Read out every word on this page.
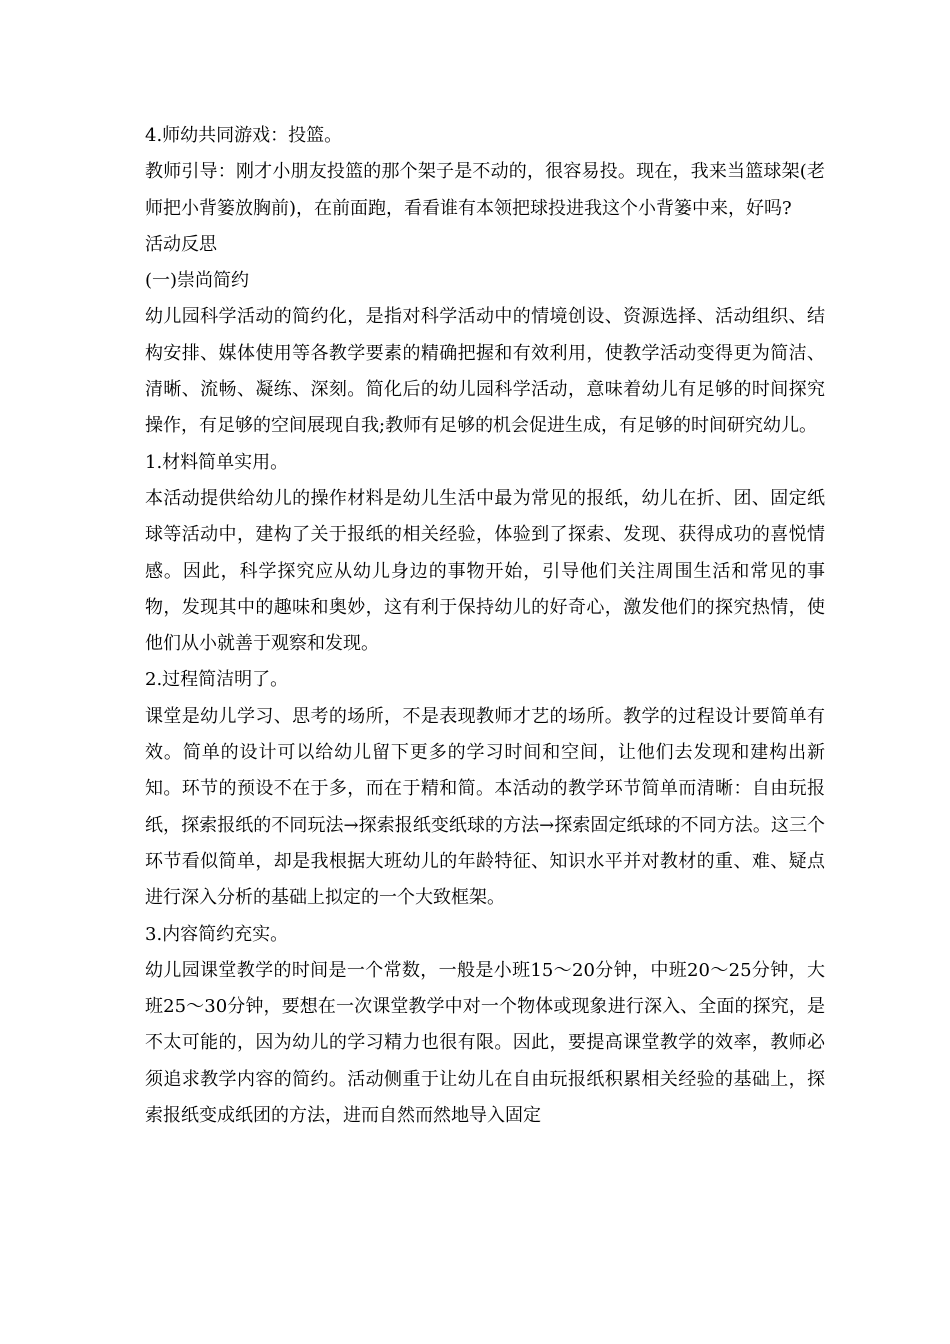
4.师幼共同游戏：投篮。

教师引导：刚才小朋友投篮的那个架子是不动的，很容易投。现在，我来当篮球架(老师把小背篓放胸前)，在前面跑，看看谁有本领把球投进我这个小背篓中来，好吗?

活动反思

(一)崇尚简约

幼儿园科学活动的简约化，是指对科学活动中的情境创设、资源选择、活动组织、结构安排、媒体使用等各教学要素的精确把握和有效利用，使教学活动变得更为简洁、清晰、流畅、凝练、深刻。简化后的幼儿园科学活动，意味着幼儿有足够的时间探究操作，有足够的空间展现自我;教师有足够的机会促进生成，有足够的时间研究幼儿。

1.材料简单实用。

本活动提供给幼儿的操作材料是幼儿生活中最为常见的报纸，幼儿在折、团、固定纸球等活动中，建构了关于报纸的相关经验，体验到了探索、发现、获得成功的喜悦情感。因此，科学探究应从幼儿身边的事物开始，引导他们关注周围生活和常见的事物，发现其中的趣味和奥妙，这有利于保持幼儿的好奇心，激发他们的探究热情，使他们从小就善于观察和发现。

2.过程简洁明了。

课堂是幼儿学习、思考的场所，不是表现教师才艺的场所。教学的过程设计要简单有效。简单的设计可以给幼儿留下更多的学习时间和空间，让他们去发现和建构出新知。环节的预设不在于多，而在于精和简。本活动的教学环节简单而清晰：自由玩报纸，探索报纸的不同玩法→探索报纸变纸球的方法→探索固定纸球的不同方法。这三个环节看似简单，却是我根据大班幼儿的年龄特征、知识水平并对教材的重、难、疑点进行深入分析的基础上拟定的一个大致框架。

3.内容简约充实。

幼儿园课堂教学的时间是一个常数，一般是小班15～20分钟，中班20～25分钟，大班25～30分钟，要想在一次课堂教学中对一个物体或现象进行深入、全面的探究，是不太可能的，因为幼儿的学习精力也很有限。因此，要提高课堂教学的效率，教师必须追求教学内容的简约。活动侧重于让幼儿在自由玩报纸积累相关经验的基础上，探索报纸变成纸团的方法，进而自然而然地导入固定
